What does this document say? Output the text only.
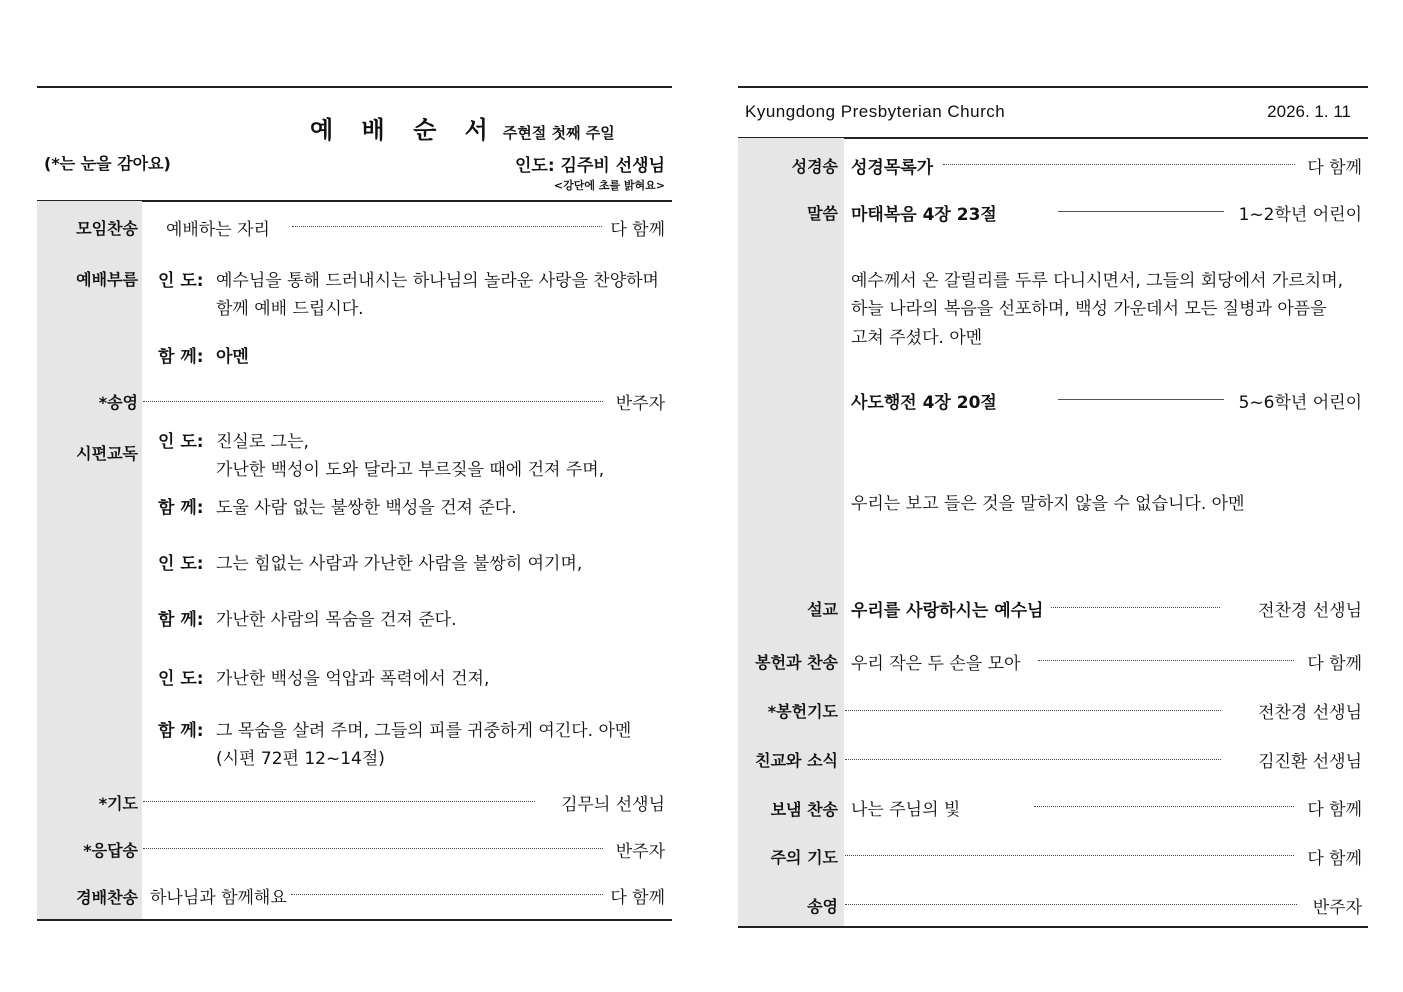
예 배 순 서 주현절 첫째 주일
(*는 눈을 감아요)	인도: 김주비 선생님
<강단에 초를 밝혀요>
모임찬송 예배하는 자리	다 함께
예배부름 인 도: 예수님을 통해 드러내시는 하나님의 놀라운 사랑을 찬양하며
함께 예배 드립시다.
함 께: 아멘
*송영	반주자
시편교독
인 도: 진실로 그는,
가난한 백성이 도와 달라고 부르짖을 때에 건져 주며,
함 께: 도울 사람 없는 불쌍한 백성을 건져 준다.
인 도: 그는 힘없는 사람과 가난한 사람을 불쌍히 여기며,
함 께: 가난한 사람의 목숨을 건져 준다.
인 도: 가난한 백성을 억압과 폭력에서 건져,
함 께: 그 목숨을 살려 주며, 그들의 피를 귀중하게 여긴다. 아멘
(시편 72편 12~14절)
*기도	김무늬 선생님
*응답송	반주자
경배찬송 하나님과 함께해요	다 함께
Kyungdong Presbyterian Church	2026. 1. 11
성경송 성경목록가	다 함께
말씀 마태복음 4장 23절	1~2학년 어린이
예수께서 온 갈릴리를 두루 다니시면서, 그들의 회당에서 가르치며,
하늘 나라의 복음을 선포하며, 백성 가운데서 모든 질병과 아픔을
고쳐 주셨다. 아멘
사도행전 4장 20절	5~6학년 어린이
우리는 보고 들은 것을 말하지 않을 수 없습니다. 아멘
설교 우리를 사랑하시는 예수님	전찬경 선생님
봉헌과 찬송 우리 작은 두 손을 모아	다 함께
*봉헌기도	전찬경 선생님
친교와 소식	김진환 선생님
보냄 찬송 나는 주님의 빛	다 함께
주의 기도	다 함께
송영	반주자
